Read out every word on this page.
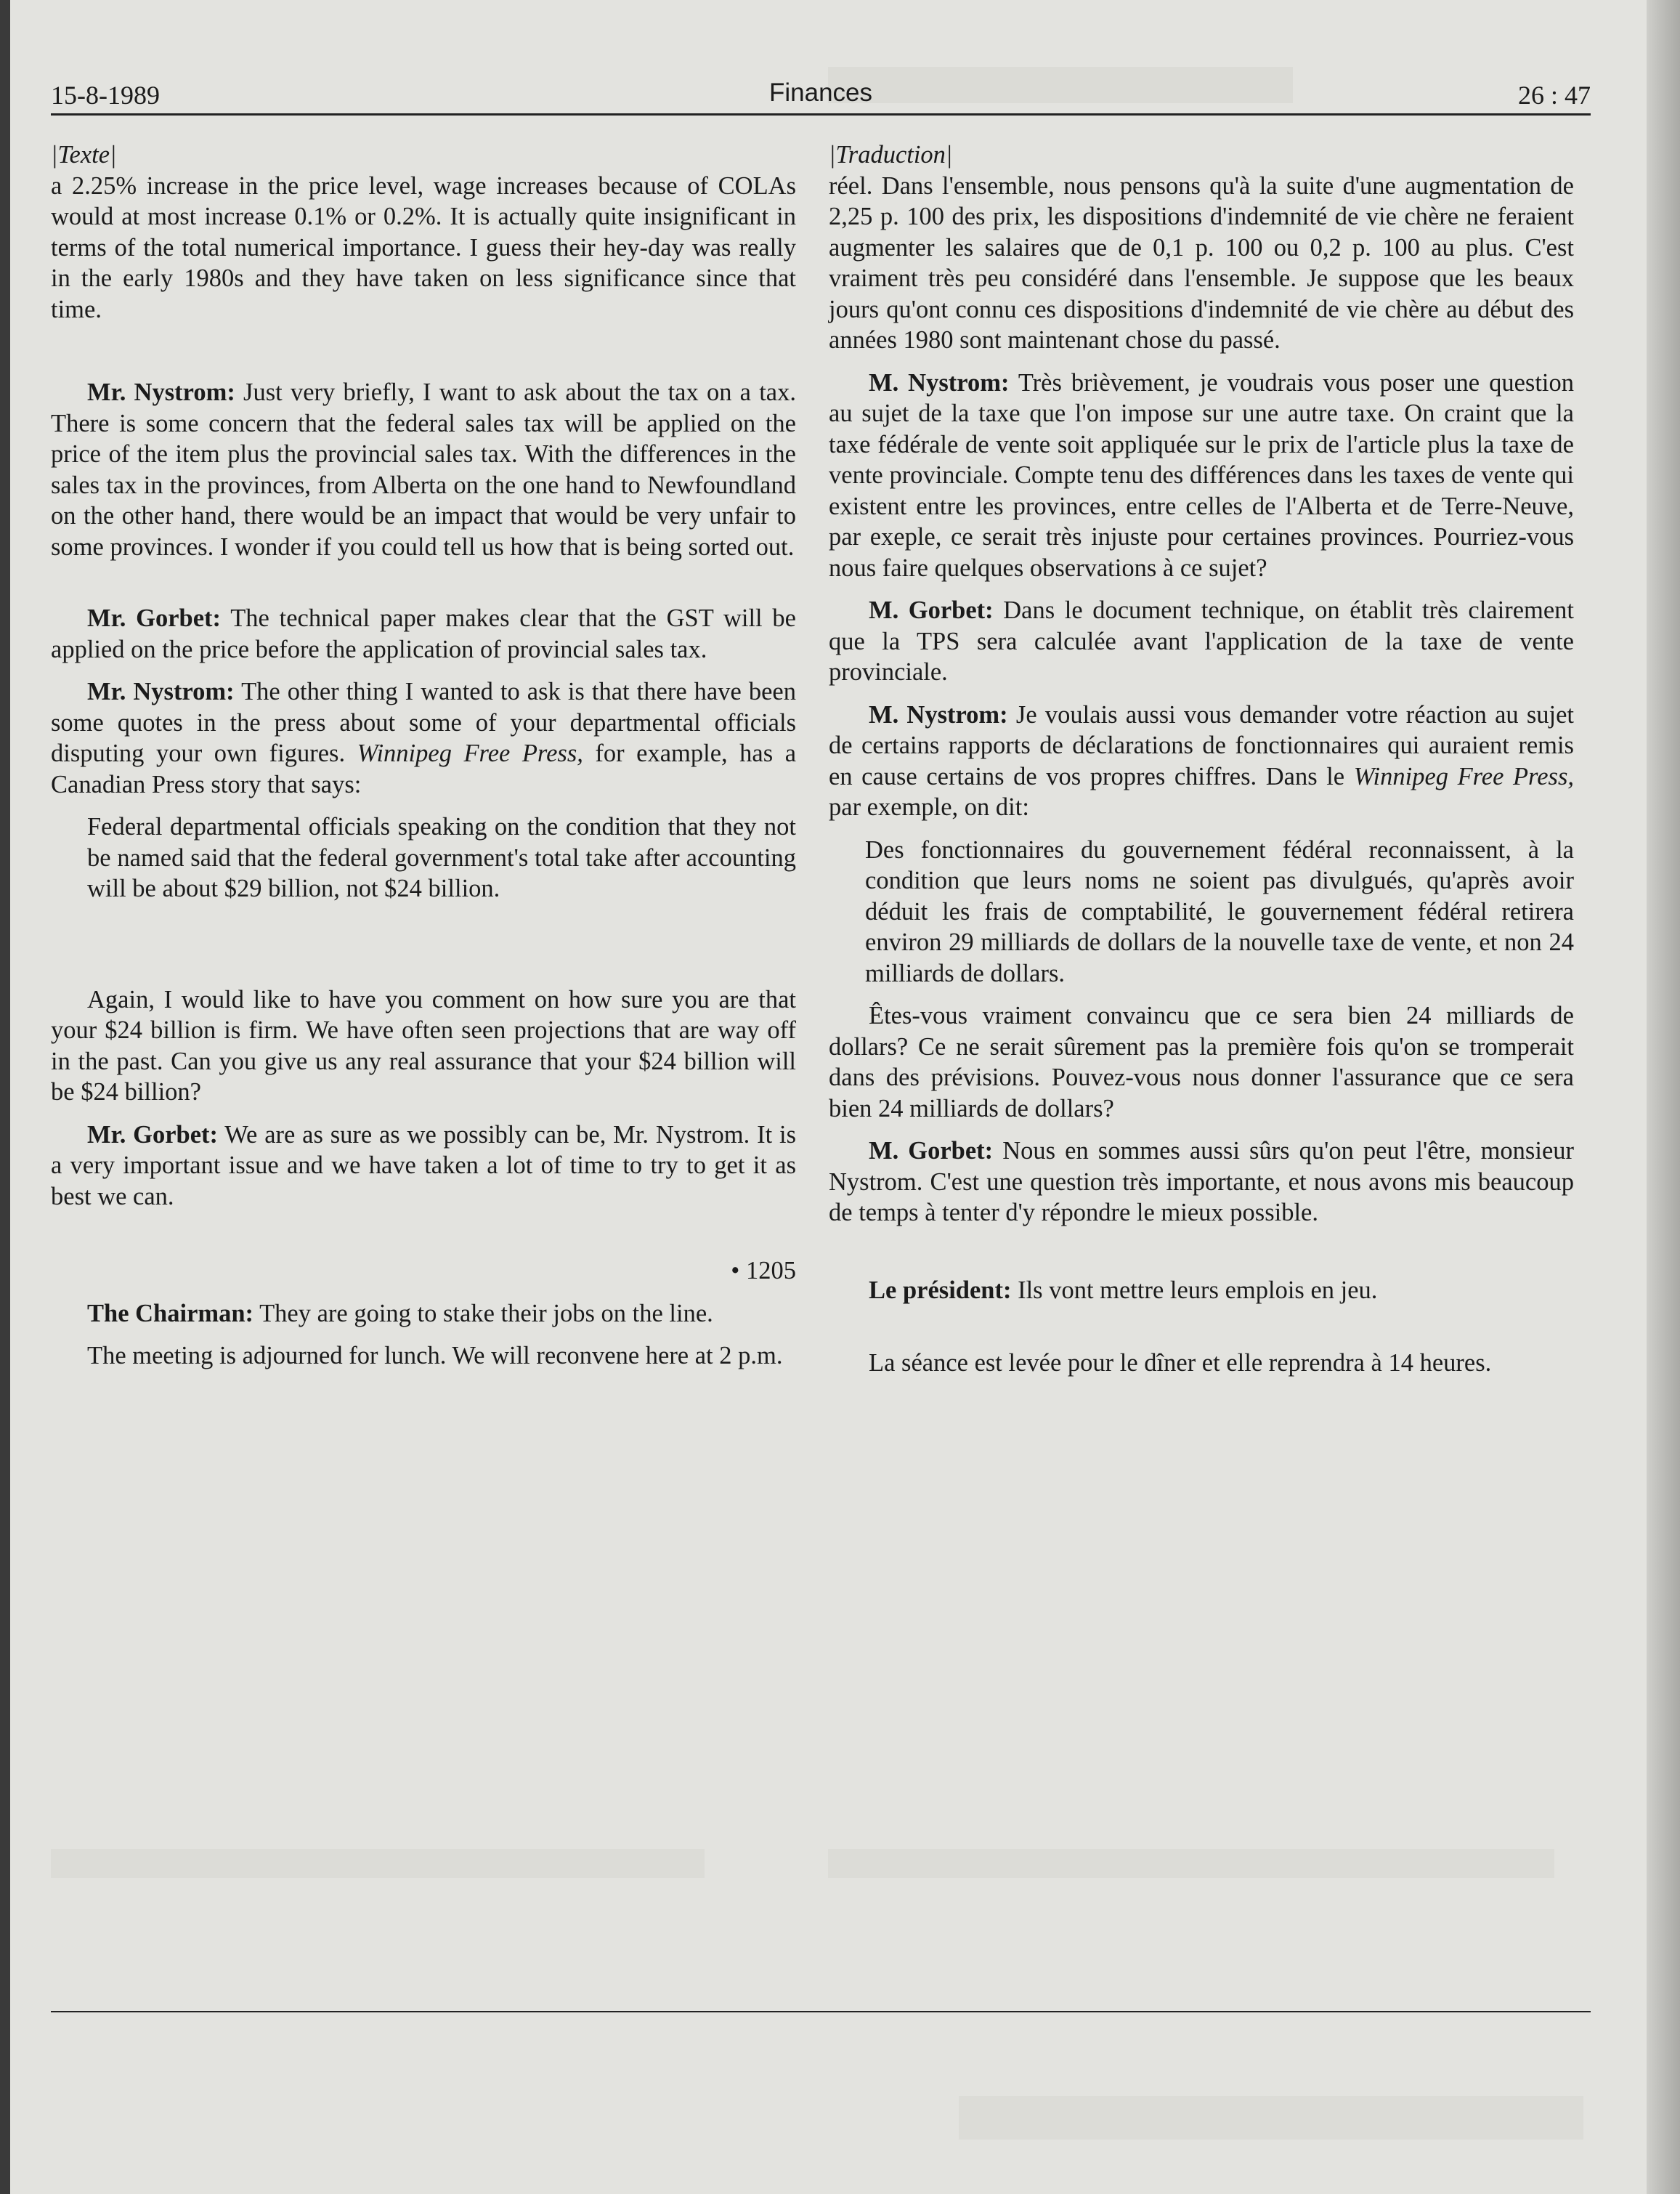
15-8-1989	Finances	26 : 47

|Texte|

a 2.25% increase in the price level, wage increases because of COLAs would at most increase 0.1% or 0.2%. It is actually quite insignificant in terms of the total numerical importance. I guess their hey-day was really in the early 1980s and they have taken on less significance since that time.

Mr. Nystrom: Just very briefly, I want to ask about the tax on a tax. There is some concern that the federal sales tax will be applied on the price of the item plus the provincial sales tax. With the differences in the sales tax in the provinces, from Alberta on the one hand to Newfoundland on the other hand, there would be an impact that would be very unfair to some provinces. I wonder if you could tell us how that is being sorted out.

Mr. Gorbet: The technical paper makes clear that the GST will be applied on the price before the application of provincial sales tax.

Mr. Nystrom: The other thing I wanted to ask is that there have been some quotes in the press about some of your departmental officials disputing your own figures. Winnipeg Free Press, for example, has a Canadian Press story that says:

Federal departmental officials speaking on the condition that they not be named said that the federal government's total take after accounting will be about $29 billion, not $24 billion.

Again, I would like to have you comment on how sure you are that your $24 billion is firm. We have often seen projections that are way off in the past. Can you give us any real assurance that your $24 billion will be $24 billion?

Mr. Gorbet: We are as sure as we possibly can be, Mr. Nystrom. It is a very important issue and we have taken a lot of time to try to get it as best we can.

• 1205

The Chairman: They are going to stake their jobs on the line.

The meeting is adjourned for lunch. We will reconvene here at 2 p.m.

|Traduction|

réel. Dans l'ensemble, nous pensons qu'à la suite d'une augmentation de 2,25 p. 100 des prix, les dispositions d'indemnité de vie chère ne feraient augmenter les salaires que de 0,1 p. 100 ou 0,2 p. 100 au plus. C'est vraiment très peu considéré dans l'ensemble. Je suppose que les beaux jours qu'ont connu ces dispositions d'indemnité de vie chère au début des années 1980 sont maintenant chose du passé.

M. Nystrom: Très brièvement, je voudrais vous poser une question au sujet de la taxe que l'on impose sur une autre taxe. On craint que la taxe fédérale de vente soit appliquée sur le prix de l'article plus la taxe de vente provinciale. Compte tenu des différences dans les taxes de vente qui existent entre les provinces, entre celles de l'Alberta et de Terre-Neuve, par exeple, ce serait très injuste pour certaines provinces. Pourriez-vous nous faire quelques observations à ce sujet?

M. Gorbet: Dans le document technique, on établit très clairement que la TPS sera calculée avant l'application de la taxe de vente provinciale.

M. Nystrom: Je voulais aussi vous demander votre réaction au sujet de certains rapports de déclarations de fonctionnaires qui auraient remis en cause certains de vos propres chiffres. Dans le Winnipeg Free Press, par exemple, on dit:

Des fonctionnaires du gouvernement fédéral reconnaissent, à la condition que leurs noms ne soient pas divulgués, qu'après avoir déduit les frais de comptabilité, le gouvernement fédéral retirera environ 29 milliards de dollars de la nouvelle taxe de vente, et non 24 milliards de dollars.

Êtes-vous vraiment convaincu que ce sera bien 24 milliards de dollars? Ce ne serait sûrement pas la première fois qu'on se tromperait dans des prévisions. Pouvez-vous nous donner l'assurance que ce sera bien 24 milliards de dollars?

M. Gorbet: Nous en sommes aussi sûrs qu'on peut l'être, monsieur Nystrom. C'est une question très importante, et nous avons mis beaucoup de temps à tenter d'y répondre le mieux possible.

Le président: Ils vont mettre leurs emplois en jeu.

La séance est levée pour le dîner et elle reprendra à 14 heures.
